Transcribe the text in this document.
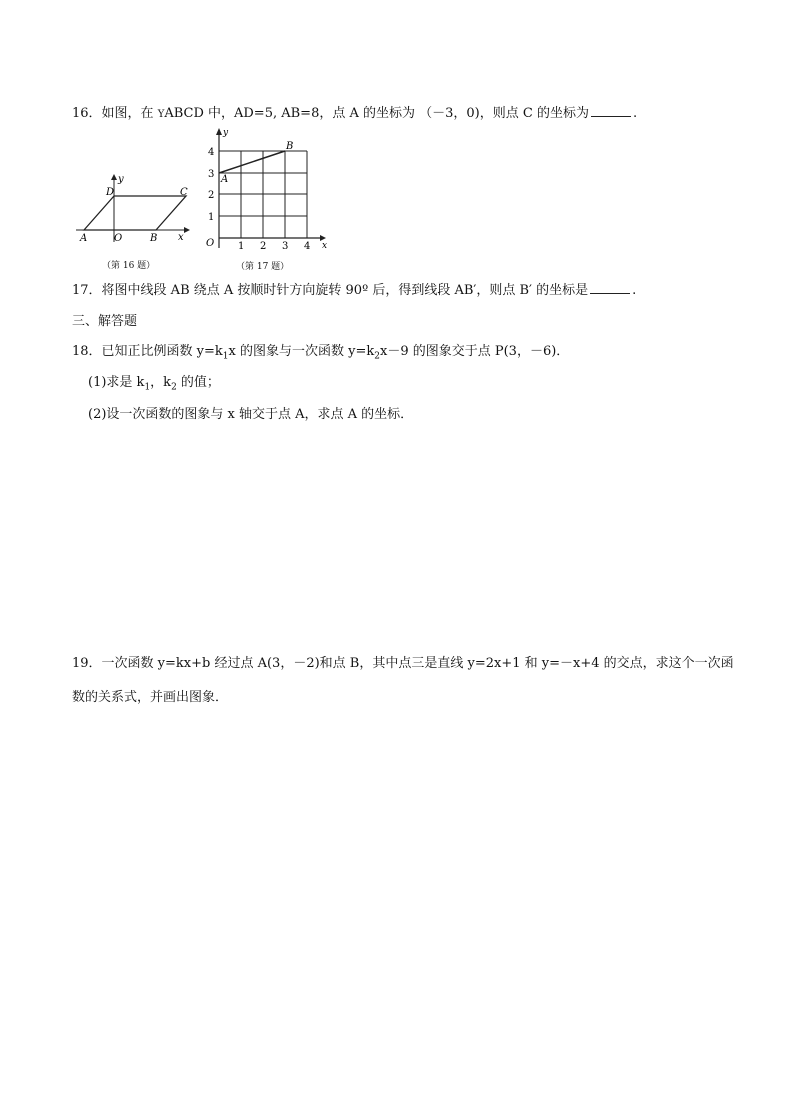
16．如图，在 YABCD 中，AD=5, AB=8，点 A 的坐标为 （－3，0)，则点 C 的坐标为	.
D	C
A	O	B x
y
（第 16 题）
B
A
y
x
O 1 2 3 4
1
2
3
4
（第 17 题）
17．将图中线段 AB 绕点 A 按顺时针方向旋转 90º 后，得到线段 AB′，则点 B′ 的坐标是	.
三、解答题
18．已知正比例函数 $y=k_1x$ 的图象与一次函数 $y=k_2x-9$ 的图象交于点 P(3，－6)．
(1)求是 $k_1$，$k_2$ 的值；
(2)设一次函数的图象与 x 轴交于点 A，求点 A 的坐标．
19．一次函数 y=kx+b 经过点 A(3，－2)和点 B，其中点三是直线 y=2x+1 和 y=－x+4 的交点，求这个一次函
数的关系式，并画出图象．
